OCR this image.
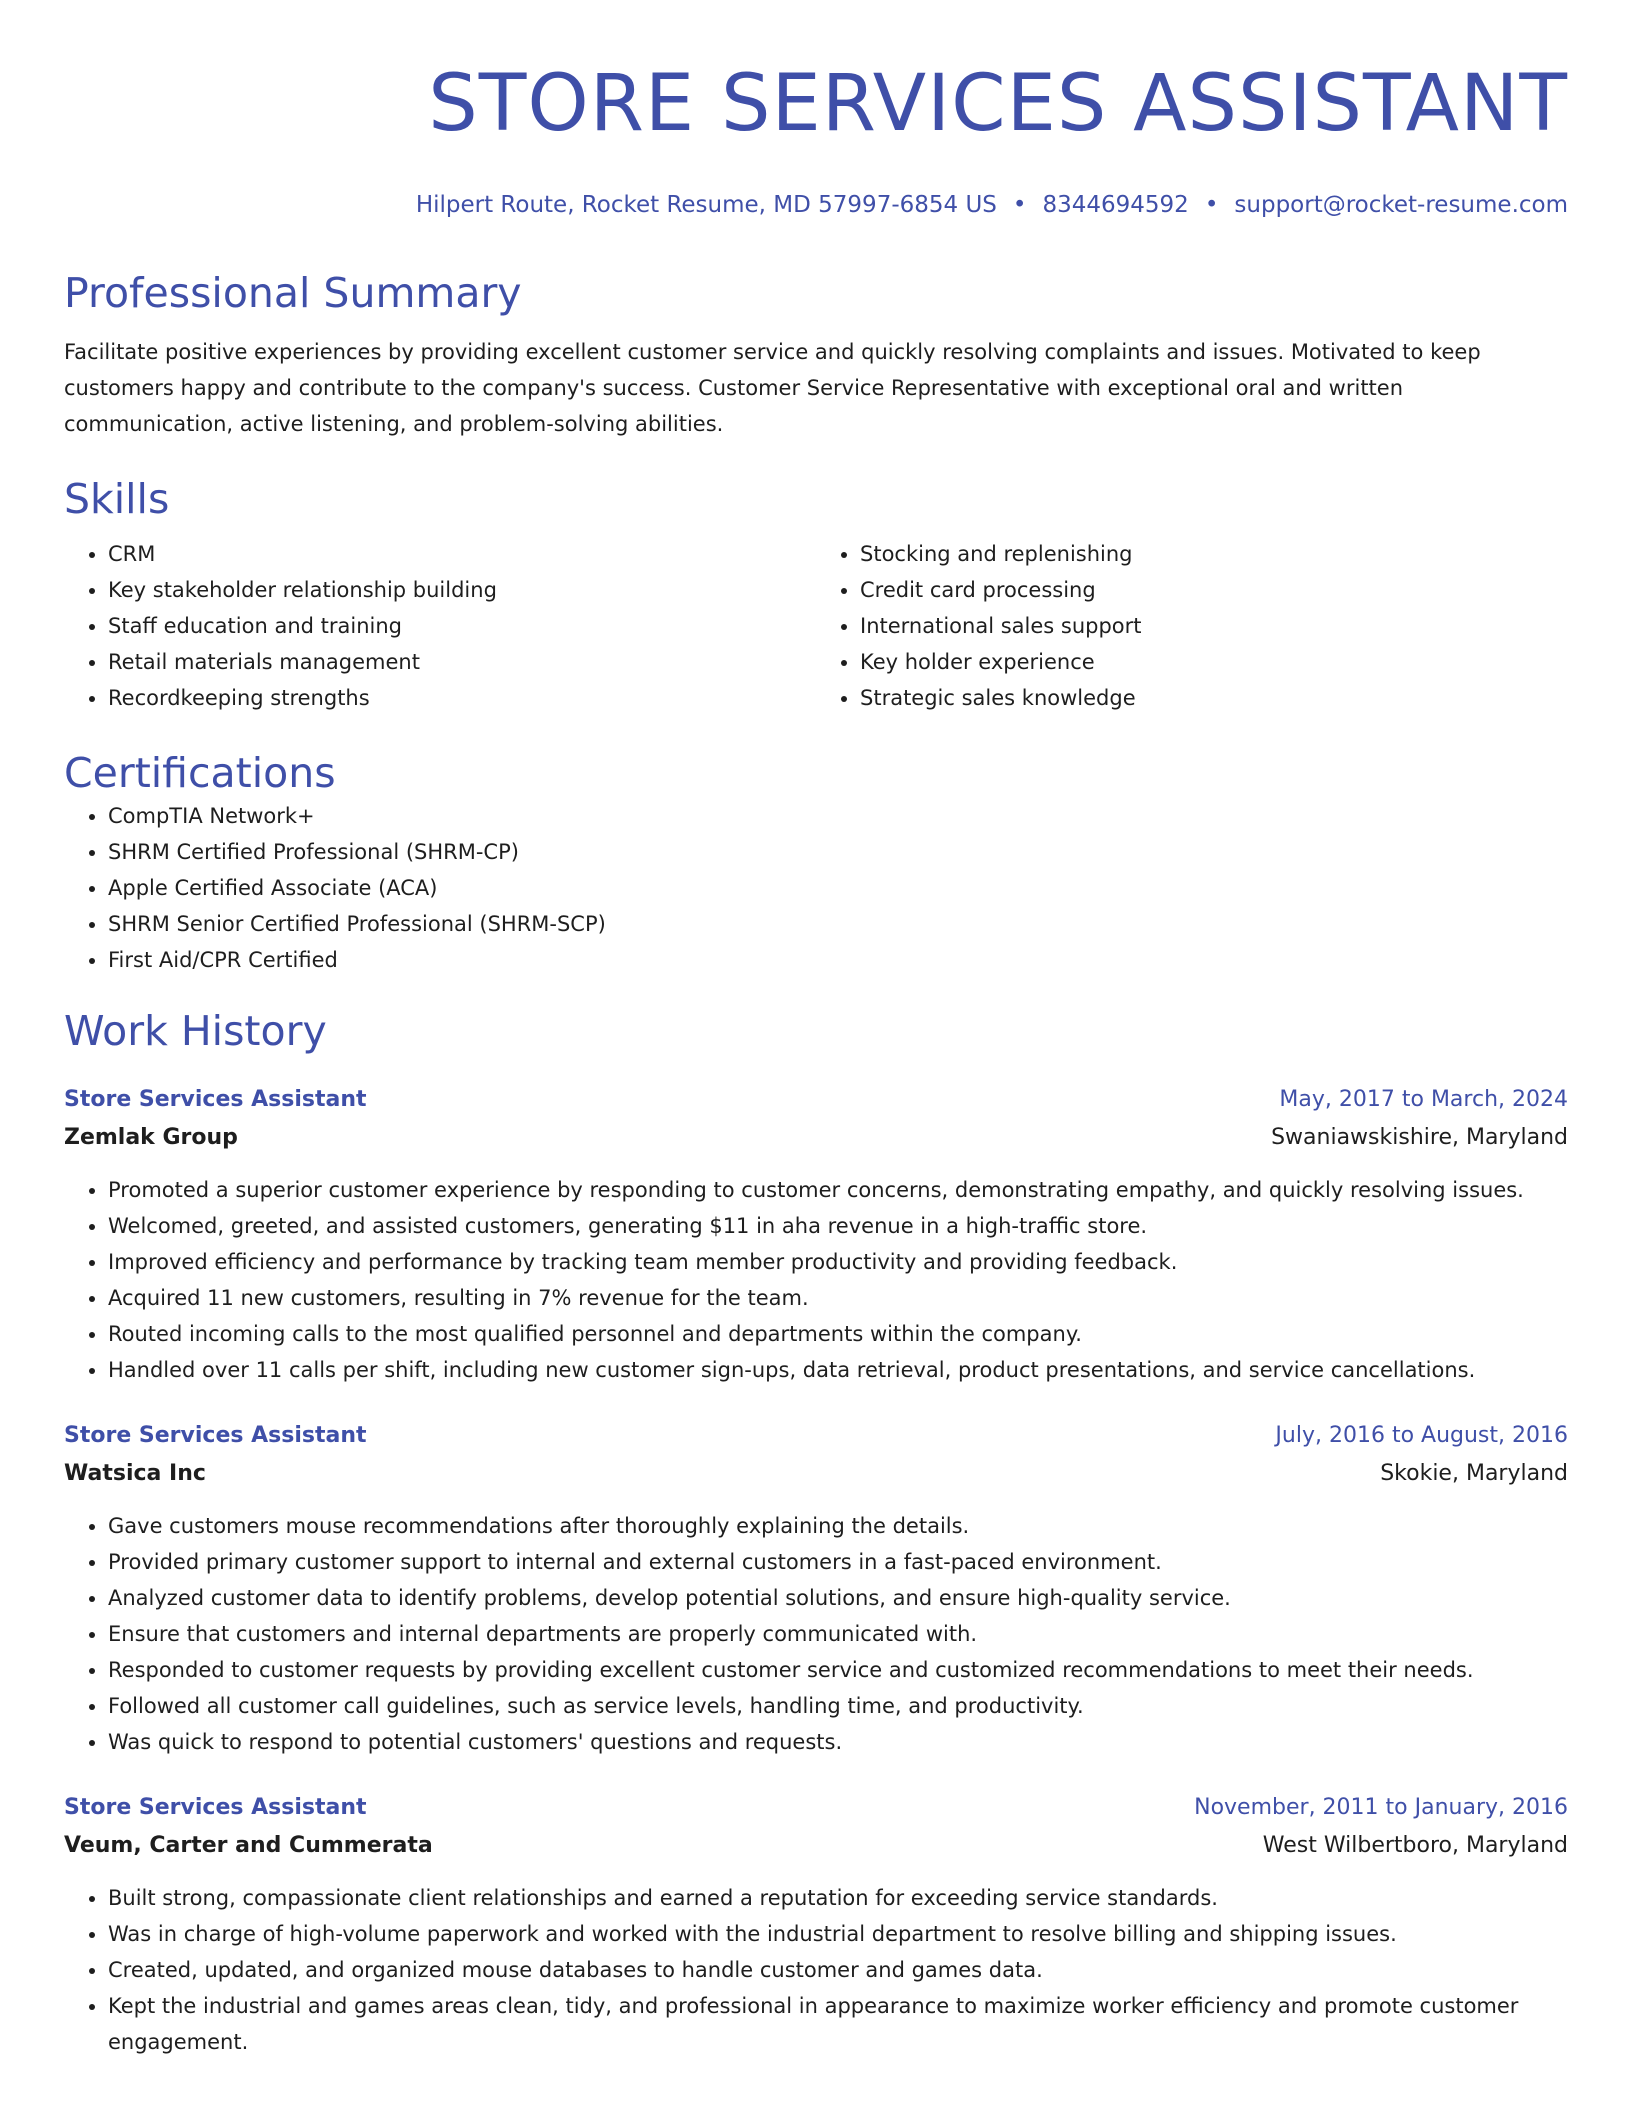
STORE SERVICES ASSISTANT
Hilpert Route, Rocket Resume, MD 57997-6854 US • 8344694592 • support@rocket-resume.com
Professional Summary
Facilitate positive experiences by providing excellent customer service and quickly resolving complaints and issues. Motivated to keep customers happy and contribute to the company's success. Customer Service Representative with exceptional oral and written communication, active listening, and problem-solving abilities.
Skills
• CRM
• Key stakeholder relationship building
• Staff education and training
• Retail materials management
• Recordkeeping strengths
• Stocking and replenishing
• Credit card processing
• International sales support
• Key holder experience
• Strategic sales knowledge
Certifications
• CompTIA Network+
• SHRM Certified Professional (SHRM-CP)
• Apple Certified Associate (ACA)
• SHRM Senior Certified Professional (SHRM-SCP)
• First Aid/CPR Certified
Work History
Store Services Assistant	May, 2017 to March, 2024
Zemlak Group	Swaniawskishire, Maryland
• Promoted a superior customer experience by responding to customer concerns, demonstrating empathy, and quickly resolving issues.
• Welcomed, greeted, and assisted customers, generating $11 in aha revenue in a high-traffic store.
• Improved efficiency and performance by tracking team member productivity and providing feedback.
• Acquired 11 new customers, resulting in 7% revenue for the team.
• Routed incoming calls to the most qualified personnel and departments within the company.
• Handled over 11 calls per shift, including new customer sign-ups, data retrieval, product presentations, and service cancellations.
Store Services Assistant	July, 2016 to August, 2016
Watsica Inc	Skokie, Maryland
• Gave customers mouse recommendations after thoroughly explaining the details.
• Provided primary customer support to internal and external customers in a fast-paced environment.
• Analyzed customer data to identify problems, develop potential solutions, and ensure high-quality service.
• Ensure that customers and internal departments are properly communicated with.
• Responded to customer requests by providing excellent customer service and customized recommendations to meet their needs.
• Followed all customer call guidelines, such as service levels, handling time, and productivity.
• Was quick to respond to potential customers' questions and requests.
Store Services Assistant	November, 2011 to January, 2016
Veum, Carter and Cummerata	West Wilbertboro, Maryland
• Built strong, compassionate client relationships and earned a reputation for exceeding service standards.
• Was in charge of high-volume paperwork and worked with the industrial department to resolve billing and shipping issues.
• Created, updated, and organized mouse databases to handle customer and games data.
• Kept the industrial and games areas clean, tidy, and professional in appearance to maximize worker efficiency and promote customer engagement.
